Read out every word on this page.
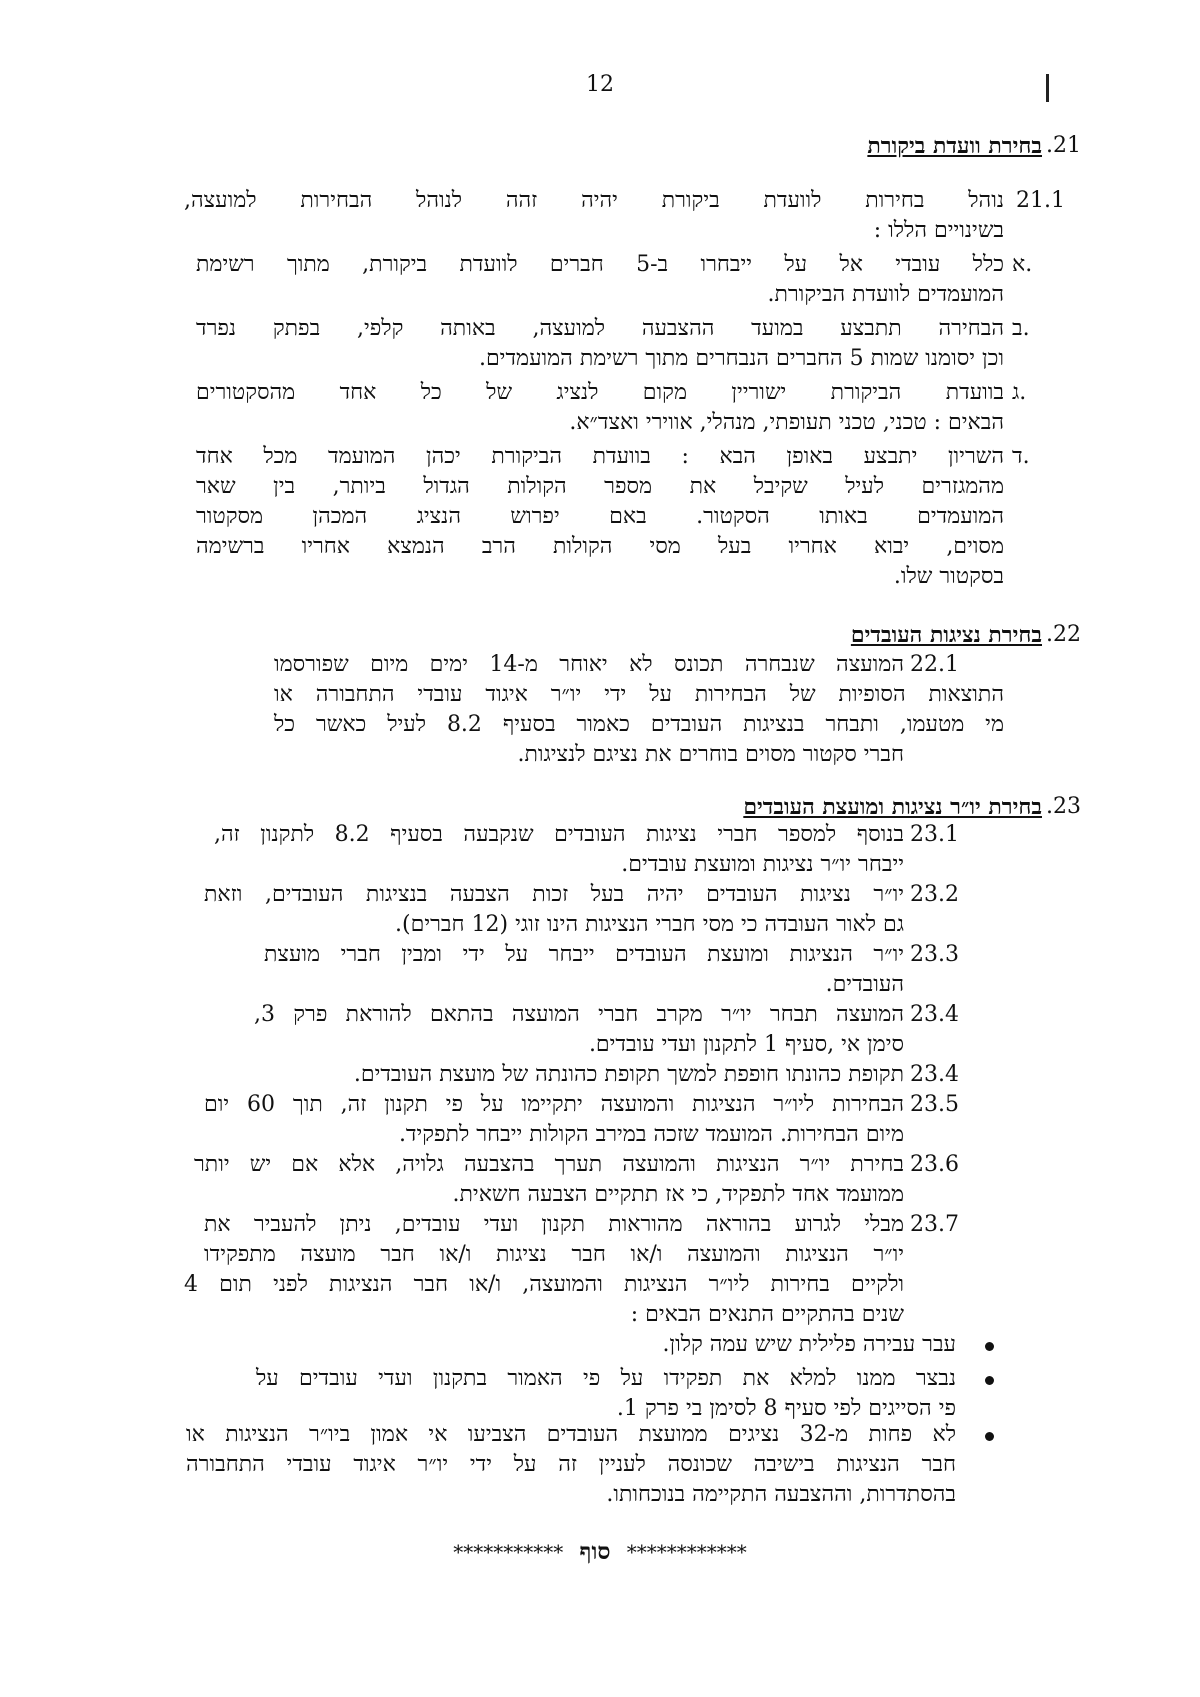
12
.21
בחירת וועדת ביקורת
21.1
נוהל בחירות לוועדת ביקורת יהיה זהה לנוהל הבחירות למועצה,
בשינויים הללו :
א.
כלל עובדי אל על ייבחרו ב-5 חברים לוועדת ביקורת, מתוך רשימת
המועמדים לוועדת הביקורת.
ב.
הבחירה תתבצע במועד ההצבעה למועצה, באותה קלפי, בפתק נפרד
וכן יסומנו שמות 5 החברים הנבחרים מתוך רשימת המועמדים.
ג.
בוועדת הביקורת ישוריין מקום לנציג של כל אחד מהסקטורים
הבאים : טכני, טכני תעופתי, מנהלי, אווירי ואצד״א.
ד.
השריון יתבצע באופן הבא : בוועדת הביקורת יכהן המועמד מכל אחד
מהמגזרים לעיל שקיבל את מספר הקולות הגדול ביותר, בין שאר
המועמדים באותו הסקטור. באם יפרוש הנציג המכהן מסקטור
מסוים, יבוא אחריו בעל מסי הקולות הרב הנמצא אחריו ברשימה
בסקטור שלו.
.22
בחירת נציגות העובדים
22.1
המועצה שנבחרה תכונס לא יאוחר מ-14 ימים מיום שפורסמו
התוצאות הסופיות של הבחירות על ידי יו״ר איגוד עובדי התחבורה או
מי מטעמו, ותבחר בנציגות העובדים כאמור בסעיף 8.2 לעיל כאשר כל
חברי סקטור מסוים בוחרים את נציגם לנציגות.
.23
בחירת יו״ר נציגות ומועצת העובדים
23.1
בנוסף למספר חברי נציגות העובדים שנקבעה בסעיף 8.2 לתקנון זה,
ייבחר יו״ר נציגות ומועצת עובדים.
23.2
יו״ר נציגות העובדים יהיה בעל זכות הצבעה בנציגות העובדים, וזאת
גם לאור העובדה כי מסי חברי הנציגות הינו זוגי (12 חברים).
23.3
יו״ר הנציגות ומועצת העובדים ייבחר על ידי ומבין חברי מועצת
העובדים.
23.4
המועצה תבחר יו״ר מקרב חברי המועצה בהתאם להוראת פרק 3,
סימן אי ,סעיף 1 לתקנון ועדי עובדים.
23.4
תקופת כהונתו חופפת למשך תקופת כהונתה של מועצת העובדים.
23.5
הבחירות ליו״ר הנציגות והמועצה יתקיימו על פי תקנון זה, תוך 60 יום
מיום הבחירות. המועמד שזכה במירב הקולות ייבחר לתפקיד.
23.6
בחירת יו״ר הנציגות והמועצה תערך בהצבעה גלויה, אלא אם יש יותר
ממועמד אחד לתפקיד, כי אז תתקיים הצבעה חשאית.
23.7
מבלי לגרוע בהוראה מהוראות תקנון ועדי עובדים, ניתן להעביר את
יו״ר הנציגות והמועצה ו/או חבר נציגות ו/או חבר מועצה מתפקידו
ולקיים בחירות ליו״ר הנציגות והמועצה, ו/או חבר הנציגות לפני תום 4
שנים בהתקיים התנאים הבאים :
עבר עבירה פלילית שיש עמה קלון.
נבצר ממנו למלא את תפקידו על פי האמור בתקנון ועדי עובדים על
פי הסייגים לפי סעיף 8 לסימן בי פרק 1.
לא פחות מ-32 נציגים ממועצת העובדים הצביעו אי אמון ביו״ר הנציגות או
חבר הנציגות בישיבה שכונסה לעניין זה על ידי יו״ר איגוד עובדי התחבורה
בהסתדרות, וההצבעה התקיימה בנוכחותו.
*********** סוף ************
